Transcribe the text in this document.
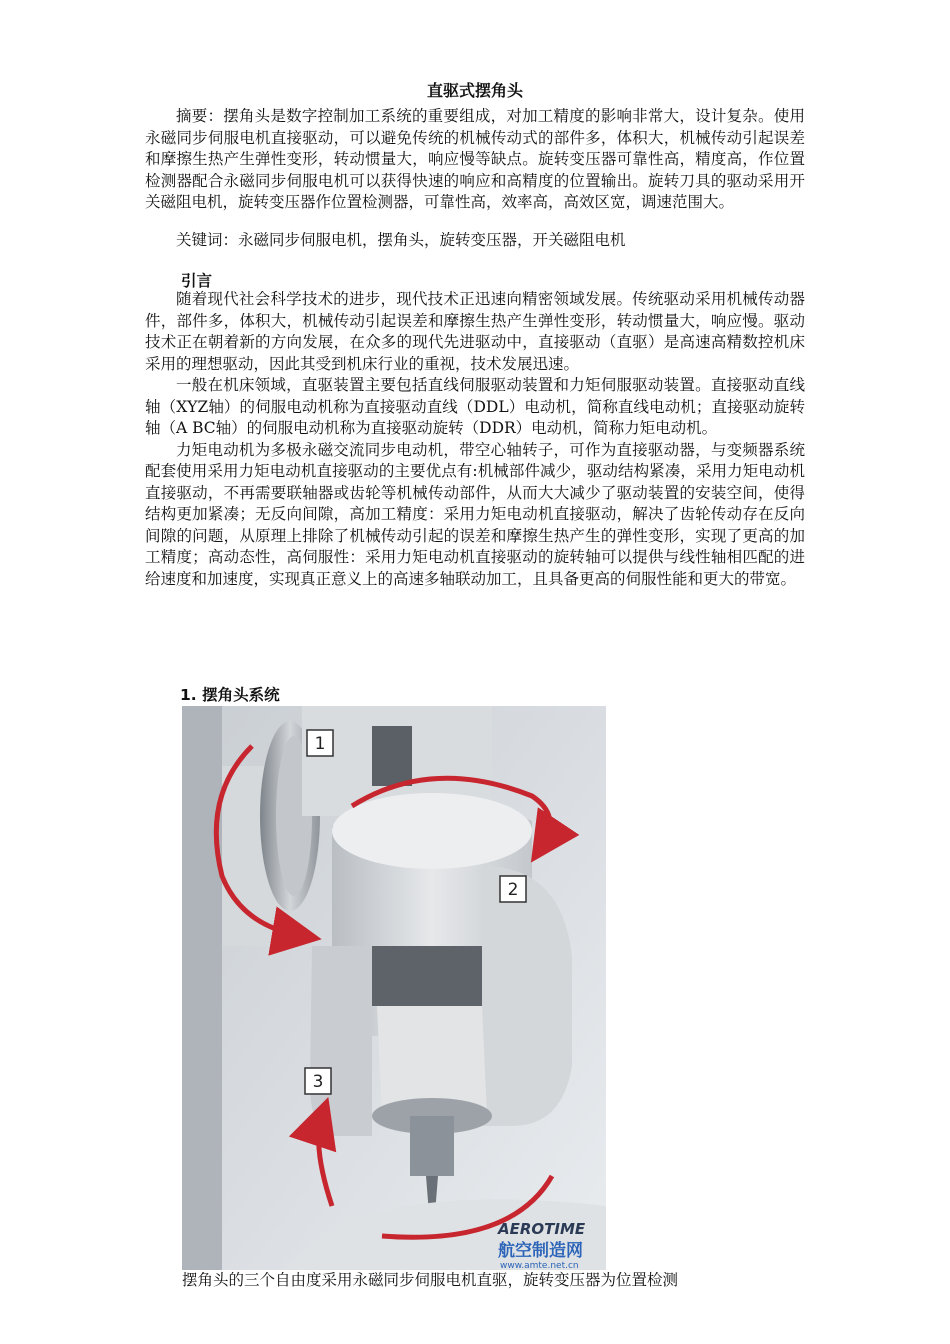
直驱式摆角头

摘要：摆角头是数字控制加工系统的重要组成，对加工精度的影响非常大，设计复杂。使用永磁同步伺服电机直接驱动，可以避免传统的机械传动式的部件多，体积大，机械传动引起误差和摩擦生热产生弹性变形，转动惯量大，响应慢等缺点。旋转变压器可靠性高，精度高，作位置检测器配合永磁同步伺服电机可以获得快速的响应和高精度的位置输出。旋转刀具的驱动采用开关磁阻电机，旋转变压器作位置检测器，可靠性高，效率高，高效区宽，调速范围大。

关键词：永磁同步伺服电机，摆角头，旋转变压器，开关磁阻电机

引言

随着现代社会科学技术的进步，现代技术正迅速向精密领域发展。传统驱动采用机械传动器件，部件多，体积大，机械传动引起误差和摩擦生热产生弹性变形，转动惯量大，响应慢。驱动技术正在朝着新的方向发展，在众多的现代先进驱动中，直接驱动（直驱）是高速高精数控机床采用的理想驱动，因此其受到机床行业的重视，技术发展迅速。

一般在机床领域，直驱装置主要包括直线伺服驱动装置和力矩伺服驱动装置。直接驱动直线轴（XYZ轴）的伺服电动机称为直接驱动直线（DDL）电动机，简称直线电动机；直接驱动旋转轴（A BC轴）的伺服电动机称为直接驱动旋转（DDR）电动机，简称力矩电动机。

力矩电动机为多极永磁交流同步电动机，带空心轴转子，可作为直接驱动器，与变频器系统配套使用采用力矩电动机直接驱动的主要优点有:机械部件减少，驱动结构紧凑，采用力矩电动机直接驱动，不再需要联轴器或齿轮等机械传动部件，从而大大减少了驱动装置的安装空间，使得结构更加紧凑；无反向间隙，高加工精度：采用力矩电动机直接驱动，解决了齿轮传动存在反向间隙的问题，从原理上排除了机械传动引起的误差和摩擦生热产生的弹性变形，实现了更高的加工精度；高动态性，高伺服性：采用力矩电动机直接驱动的旋转轴可以提供与线性轴相匹配的进给速度和加速度，实现真正意义上的高速多轴联动加工，且具备更高的伺服性能和更大的带宽。

1. 摆角头系统
1
2
3
AEROTIME
航空制造网
www.amte.net.cn
摆角头的三个自由度采用永磁同步伺服电机直驱，旋转变压器为位置检测
